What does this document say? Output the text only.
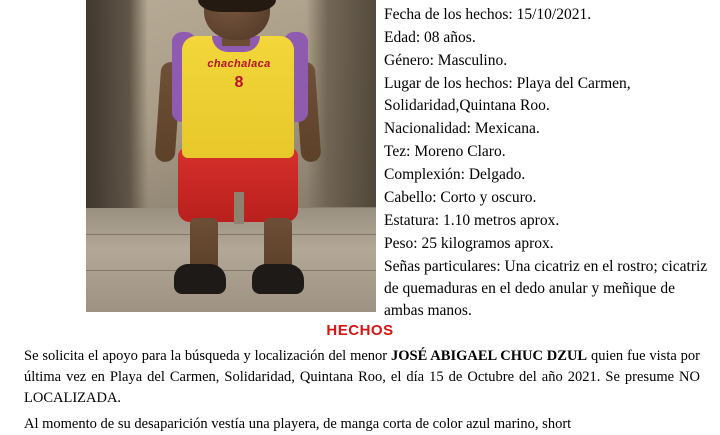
chachalaca
8
Fecha de los hechos: 15/10/2021.
Edad: 08 años.
Género: Masculino.
Lugar de los hechos: Playa del Carmen, Solidaridad,Quintana Roo.
Nacionalidad: Mexicana.
Tez: Moreno Claro.
Complexión: Delgado.
Cabello: Corto y oscuro.
Estatura: 1.10 metros aprox.
Peso: 25 kilogramos aprox.
Señas particulares: Una cicatriz en el rostro; cicatriz de quemaduras en el dedo anular y meñique de ambas manos.
HECHOS
Se solicita el apoyo para la búsqueda y localización del menor JOSÉ ABIGAEL CHUC DZUL quien fue vista por última vez en Playa del Carmen, Solidaridad, Quintana Roo, el día 15 de Octubre del año 2021. Se presume NO LOCALIZADA.
Al momento de su desaparición vestía una playera, de manga corta de color azul marino, short
